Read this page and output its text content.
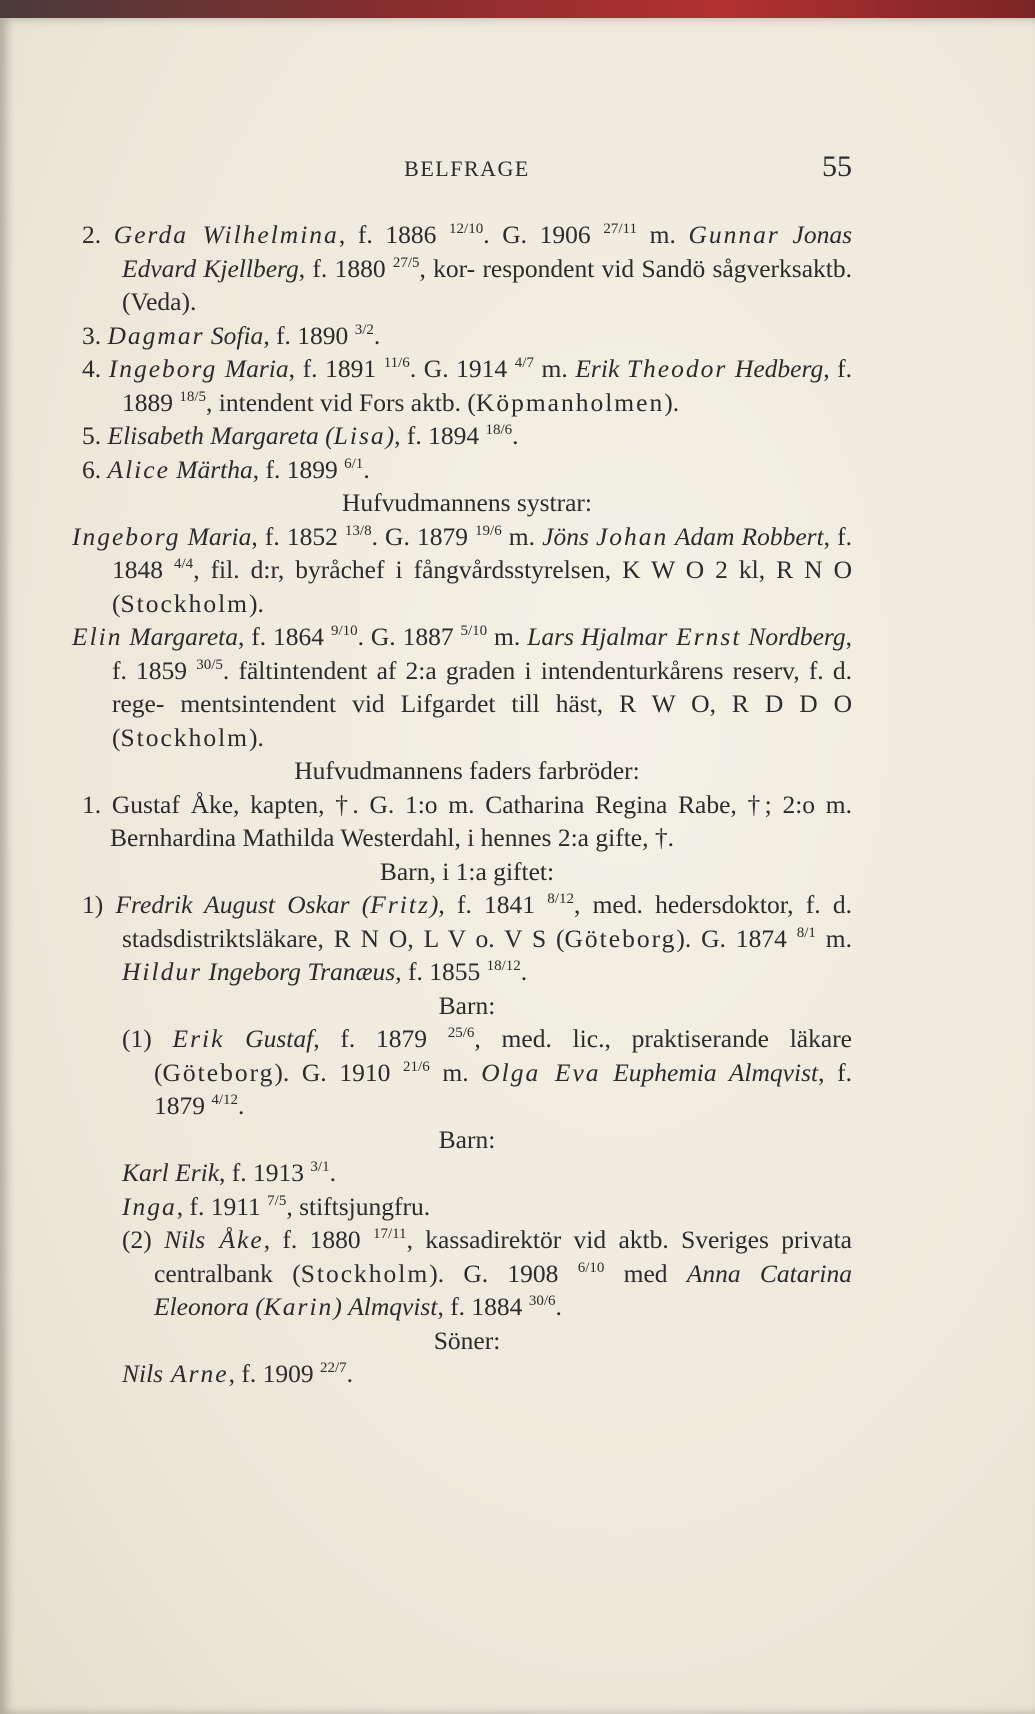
BELFRAGE	55

2. Gerda Wilhelmina, f. 1886 $^{12/10}$. G. 1906 $^{27/11}$ m. Gunnar Jonas Edvard Kjellberg, f. 1880 $^{27/5}$, kor- respondent vid Sandö sågverksaktb. (Veda).

3. Dagmar Sofia, f. 1890 $^{3/2}$.

4. Ingeborg Maria, f. 1891 $^{11/6}$. G. 1914 $^{4/7}$ m. Erik Theodor Hedberg, f. 1889 $^{18/5}$, intendent vid Fors aktb. (Köpmanholmen).

5. Elisabeth Margareta (Lisa), f. 1894 $^{18/6}$.

6. Alice Märtha, f. 1899 $^{6/1}$.

Hufvudmannens systrar:

Ingeborg Maria, f. 1852 $^{13/8}$. G. 1879 $^{19/6}$ m. Jöns Johan Adam Robbert, f. 1848 $^{4/4}$, fil. d:r, byråchef i fångvårdsstyrelsen, K W O 2 kl, R N O (Stockholm).

Elin Margareta, f. 1864 $^{9/10}$. G. 1887 $^{5/10}$ m. Lars Hjalmar Ernst Nordberg, f. 1859 $^{30/5}$. fältintendent af 2:a graden i intendenturkårens reserv, f. d. rege- mentsintendent vid Lifgardet till häst, R W O, R D D O (Stockholm).

Hufvudmannens faders farbröder:

1. Gustaf Åke, kapten, †. G. 1:o m. Catharina Regina Rabe, †; 2:o m. Bernhardina Mathilda Westerdahl, i hennes 2:a gifte, †.

Barn, i 1:a giftet:

1) Fredrik August Oskar (Fritz), f. 1841 $^{8/12}$, med. hedersdoktor, f. d. stadsdistriktsläkare, R N O, L V o. V S (Göteborg). G. 1874 $^{8/1}$ m. Hildur Ingeborg Tranæus, f. 1855 $^{18/12}$.

Barn:

(1) Erik Gustaf, f. 1879 $^{25/6}$, med. lic., praktiserande läkare (Göteborg). G. 1910 $^{21/6}$ m. Olga Eva Euphemia Almqvist, f. 1879 $^{4/12}$.

Barn:

Karl Erik, f. 1913 $^{3/1}$.

Inga, f. 1911 $^{7/5}$, stiftsjungfru.

(2) Nils Åke, f. 1880 $^{17/11}$, kassadirektör vid aktb. Sveriges privata centralbank (Stockholm). G. 1908 $^{6/10}$ med Anna Catarina Eleonora (Karin) Almqvist, f. 1884 $^{30/6}$.

Söner:

Nils Arne, f. 1909 $^{22/7}$.
